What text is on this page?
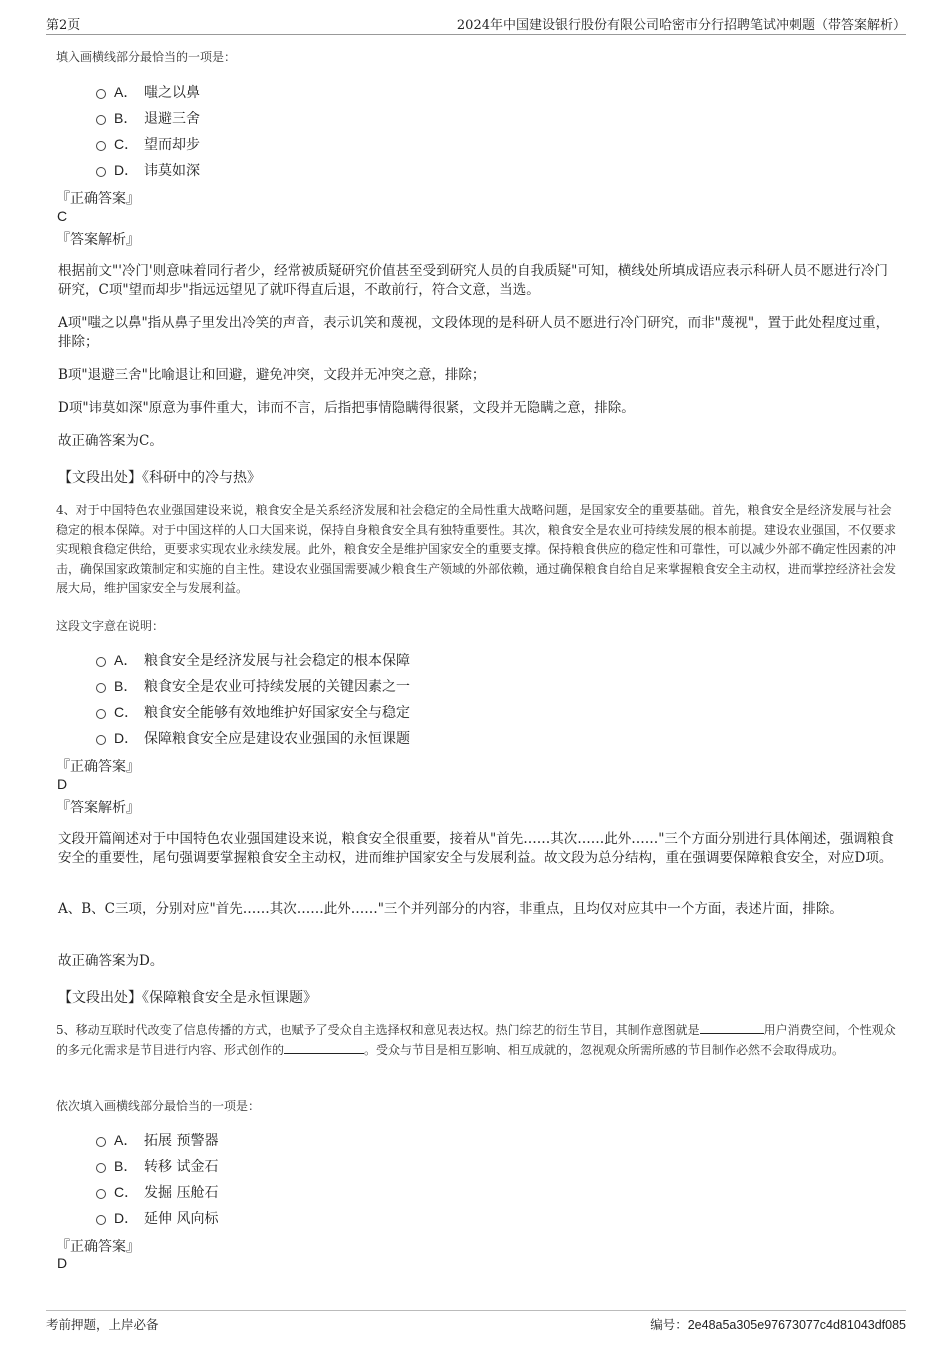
第2页	2024年中国建设银行股份有限公司哈密市分行招聘笔试冲刺题（带答案解析）
填入画横线部分最恰当的一项是：
A． 嗤之以鼻
B． 退避三舍
C． 望而却步
D． 讳莫如深
『正确答案』
C
『答案解析』
根据前文"'冷门'则意味着同行者少，经常被质疑研究价值甚至受到研究人员的自我质疑"可知，横线处所填成语应表示科研人员不愿进行冷门研究，C项"望而却步"指远远望见了就吓得直后退，不敢前行，符合文意，当选。
A项"嗤之以鼻"指从鼻子里发出冷笑的声音，表示讥笑和蔑视，文段体现的是科研人员不愿进行冷门研究，而非"蔑视"，置于此处程度过重，排除；
B项"退避三舍"比喻退让和回避，避免冲突，文段并无冲突之意，排除；
D项"讳莫如深"原意为事件重大，讳而不言，后指把事情隐瞒得很紧，文段并无隐瞒之意，排除。
故正确答案为C。
【文段出处】《科研中的冷与热》
4、对于中国特色农业强国建设来说，粮食安全是关系经济发展和社会稳定的全局性重大战略问题，是国家安全的重要基础。首先，粮食安全是经济发展与社会稳定的根本保障。对于中国这样的人口大国来说，保持自身粮食安全具有独特重要性。其次，粮食安全是农业可持续发展的根本前提。建设农业强国，不仅要求实现粮食稳定供给，更要求实现农业永续发展。此外，粮食安全是维护国家安全的重要支撑。保持粮食供应的稳定性和可靠性，可以减少外部不确定性因素的冲击，确保国家政策制定和实施的自主性。建设农业强国需要减少粮食生产领域的外部依赖，通过确保粮食自给自足来掌握粮食安全主动权，进而掌控经济社会发展大局，维护国家安全与发展利益。
这段文字意在说明：
A． 粮食安全是经济发展与社会稳定的根本保障
B． 粮食安全是农业可持续发展的关键因素之一
C． 粮食安全能够有效地维护好国家安全与稳定
D． 保障粮食安全应是建设农业强国的永恒课题
『正确答案』
D
『答案解析』
文段开篇阐述对于中国特色农业强国建设来说，粮食安全很重要，接着从"首先……其次……此外……"三个方面分别进行具体阐述，强调粮食安全的重要性，尾句强调要掌握粮食安全主动权，进而维护国家安全与发展利益。故文段为总分结构，重在强调要保障粮食安全，对应D项。
A、B、C三项，分别对应"首先……其次……此外……"三个并列部分的内容，非重点，且均仅对应其中一个方面，表述片面，排除。
故正确答案为D。
【文段出处】《保障粮食安全是永恒课题》
5、移动互联时代改变了信息传播的方式，也赋予了受众自主选择权和意见表达权。热门综艺的衍生节目，其制作意图就是	用户消费空间，个性观众的多元化需求是节目进行内容、形式创作的	。受众与节目是相互影响、相互成就的，忽视观众所需所感的节目制作必然不会取得成功。
依次填入画横线部分最恰当的一项是：
A． 拓展 预警器
B． 转移 试金石
C． 发掘 压舱石
D． 延伸 风向标
『正确答案』
D
考前押题，上岸必备	编号：2e48a5a305e97673077c4d81043df085
